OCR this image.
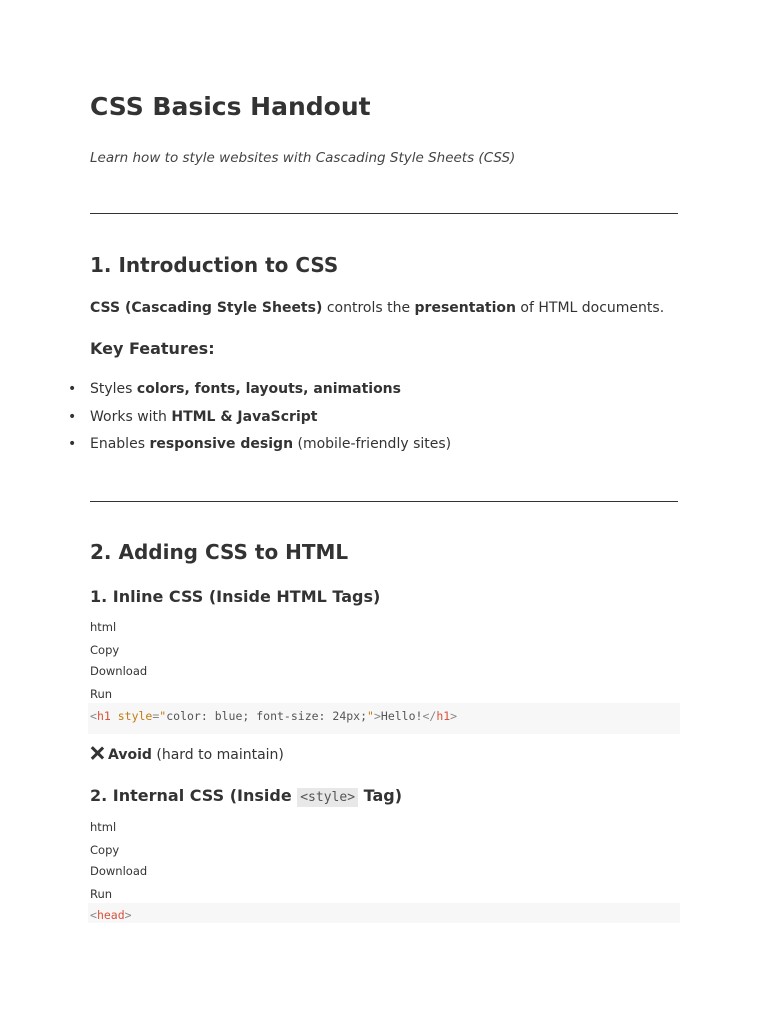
CSS Basics Handout

Learn how to style websites with Cascading Style Sheets (CSS)

1. Introduction to CSS

CSS (Cascading Style Sheets) controls the presentation of HTML documents.

Key Features:
• Styles colors, fonts, layouts, animations
• Works with HTML & JavaScript
• Enables responsive design (mobile-friendly sites)
2. Adding CSS to HTML
1. Inline CSS (Inside HTML Tags)
html
Copy
Download
Run
<h1 style="color: blue; font-size: 24px;">Hello!</h1>

Avoid (hard to maintain)

2. Internal CSS (Inside <style> Tag)
html
Copy
Download
Run
<head>
